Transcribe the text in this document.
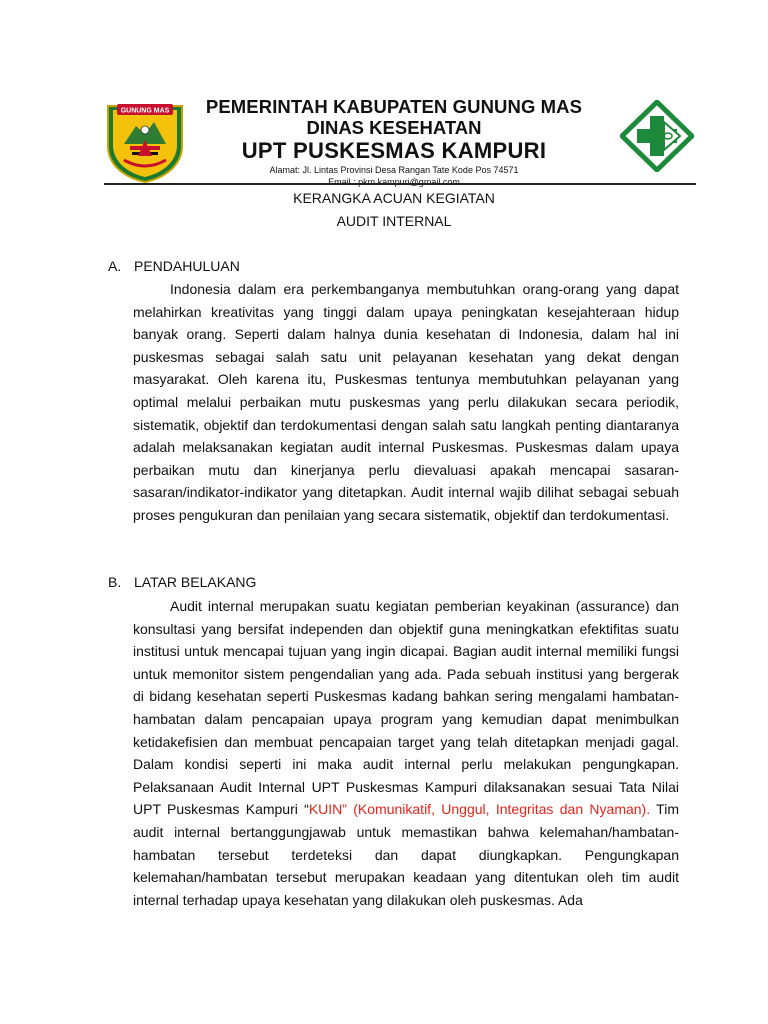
GUNUNG MAS	PEMERINTAH KABUPATEN GUNUNG MAS
DINAS KESEHATAN
UPT PUSKESMAS KAMPURI
Alamat: Jl. Lintas Provinsi Desa Rangan Tate Kode Pos 74571
Email : pkm.kampuri@gmail.com
KERANGKA ACUAN KEGIATAN
AUDIT INTERNAL
A. PENDAHULUAN

Indonesia dalam era perkembanganya membutuhkan orang-orang yang dapat melahirkan kreativitas yang tinggi dalam upaya peningkatan kesejahteraan hidup banyak orang. Seperti dalam halnya dunia kesehatan di Indonesia, dalam hal ini puskesmas sebagai salah satu unit pelayanan kesehatan yang dekat dengan masyarakat. Oleh karena itu, Puskesmas tentunya membutuhkan pelayanan yang optimal melalui perbaikan mutu puskesmas yang perlu dilakukan secara periodik, sistematik, objektif dan terdokumentasi dengan salah satu langkah penting diantaranya adalah melaksanakan kegiatan audit internal Puskesmas. Puskesmas dalam upaya perbaikan mutu dan kinerjanya perlu dievaluasi apakah mencapai sasaran-sasaran/indikator-indikator yang ditetapkan. Audit internal wajib dilihat sebagai sebuah proses pengukuran dan penilaian yang secara sistematik, objektif dan terdokumentasi.

B. LATAR BELAKANG

Audit internal merupakan suatu kegiatan pemberian keyakinan (assurance) dan konsultasi yang bersifat independen dan objektif guna meningkatkan efektifitas suatu institusi untuk mencapai tujuan yang ingin dicapai. Bagian audit internal memiliki fungsi untuk memonitor sistem pengendalian yang ada. Pada sebuah institusi yang bergerak di bidang kesehatan seperti Puskesmas kadang bahkan sering mengalami hambatan-hambatan dalam pencapaian upaya program yang kemudian dapat menimbulkan ketidakefisien dan membuat pencapaian target yang telah ditetapkan menjadi gagal. Dalam kondisi seperti ini maka audit internal perlu melakukan pengungkapan. Pelaksanaan Audit Internal UPT Puskesmas Kampuri dilaksanakan sesuai Tata Nilai UPT Puskesmas Kampuri “KUIN” (Komunikatif, Unggul, Integritas dan Nyaman). Tim audit internal bertanggungjawab untuk memastikan bahwa kelemahan/hambatan-hambatan tersebut terdeteksi dan dapat diungkapkan. Pengungkapan kelemahan/hambatan tersebut merupakan keadaan yang ditentukan oleh tim audit internal terhadap upaya kesehatan yang dilakukan oleh puskesmas. Ada
